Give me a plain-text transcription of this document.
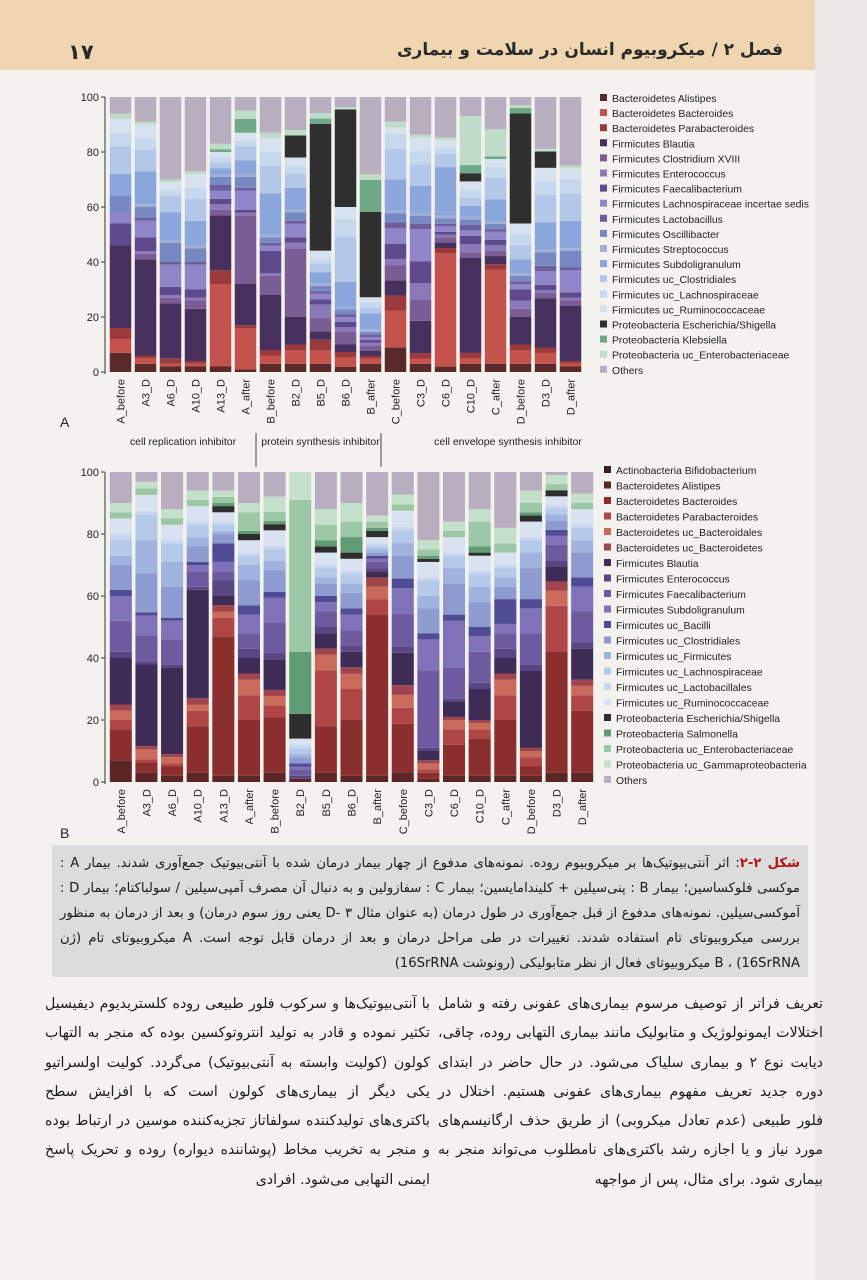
۱۷	فصل ۲ / میکروبیوم انسان در سلامت و بیماری
0
20
40
60
80
100
A_before A3_D A6_D A10_D A13_D A_after B_before B2_D B5_D B6_D B_after C_before C3_D C6_D C10_D C_after D_before D3_D D_after
Bacteroidetes Alistipes
Bacteroidetes Bacteroides
Bacteroidetes Parabacteroides
Firmicutes Blautia
Firmicutes Clostridium XVIII
Firmicutes Enterococcus
Firmicutes Faecalibacterium
Firmicutes Lachnospiraceae incertae sedis
Firmicutes Lactobacillus
Firmicutes Oscillibacter
Firmicutes Streptococcus
Firmicutes Subdoligranulum
Firmicutes uc_Clostridiales
Firmicutes uc_Lachnospiraceae
Firmicutes uc_Ruminococcaceae
Proteobacteria Escherichia/Shigella
Proteobacteria Klebsiella
Proteobacteria uc_Enterobacteriaceae
Others
A
cell replication inhibitor protein synthesis inhibitor	cell envelope synthesis inhibitor
0
20
40
60
80
100
A_before A3_D A6_D A10_D A13_D A_after B_before B2_D B5_D B6_D B_after C_before C3_D C6_D C10_D C_after D_before D3_D D_after
Actinobacteria Bifidobacterium
Bacteroidetes Alistipes
Bacteroidetes Bacteroides
Bacteroidetes Parabacteroides
Bacteroidetes uc_Bacteroidales
Bacteroidetes uc_Bacteroidetes
Firmicutes Blautia
Firmicutes Enterococcus
Firmicutes Faecalibacterium
Firmicutes Subdoligranulum
Firmicutes uc_Bacilli
Firmicutes uc_Clostridiales
Firmicutes uc_Firmicutes
Firmicutes uc_Lachnospiraceae
Firmicutes uc_Lactobacillales
Firmicutes uc_Ruminococcaceae
Proteobacteria Escherichia/Shigella
Proteobacteria Salmonella
Proteobacteria uc_Enterobacteriaceae
Proteobacteria uc_Gammaproteobacteria
Others
B
شکل ۲-۲: اثر آنتی‌بیوتیک‌ها بر میکروبیوم روده. نمونه‌های مدفوع از چهار بیمار درمان شده با آنتی‌بیوتیک جمع‌آوری شدند. بیمار A : موکسی فلوکساسین؛ بیمار B : پنی‌سیلین + کلیندامایسین؛ بیمار C : سفازولین و به دنبال آن مصرف آمپی‌سیلین / سولباکتام؛ بیمار D : آموکسی‌سیلین. نمونه‌های مدفوع از قبل جمع‌آوری در طول درمان (به عنوان مثال D- ۳ یعنی روز سوم درمان) و بعد از درمان به منظور بررسی میکروبیوتای تام استفاده شدند. تغییرات در طی مراحل درمان و بعد از درمان قابل توجه است. A میکروبیوتای تام (ژن 16SrRNA) ، B میکروبیوتای فعال از نظر متابولیکی (رونوشت 16SrRNA)
تعریف فراتر از توصیف مرسوم بیماری‌های عفونی رفته و شامل اختلالات ایمونولوژیک و متابولیک مانند بیماری التهابی روده، چاقی، دیابت نوع ۲ و بیماری سلیاک می‌شود. در حال حاضر در ابتدای دوره جدید تعریف مفهوم بیماری‌های عفونی هستیم. اختلال در فلور طبیعی (عدم تعادل میکروبی) از طریق حذف ارگانیسم‌های مورد نیاز و یا اجازه رشد باکتری‌های نامطلوب می‌تواند منجر به بیماری شود. برای مثال، پس از مواجهه
با آنتی‌بیوتیک‌ها و سرکوب فلور طبیعی روده کلستریدیوم دیفیسیل تکثیر نموده و قادر به تولید انتروتوکسین بوده که منجر به التهاب کولون (کولیت وابسته به آنتی‌بیوتیک) می‌گردد. کولیت اولسراتیو یکی دیگر از بیماری‌های کولون است که با افزایش سطح باکتری‌های تولیدکننده سولفاتاز تجزیه‌کننده موسین در ارتباط بوده و منجر به تخریب مخاط (پوشاننده دیواره) روده و تحریک پاسخ ایمنی التهابی می‌شود. افرادی
